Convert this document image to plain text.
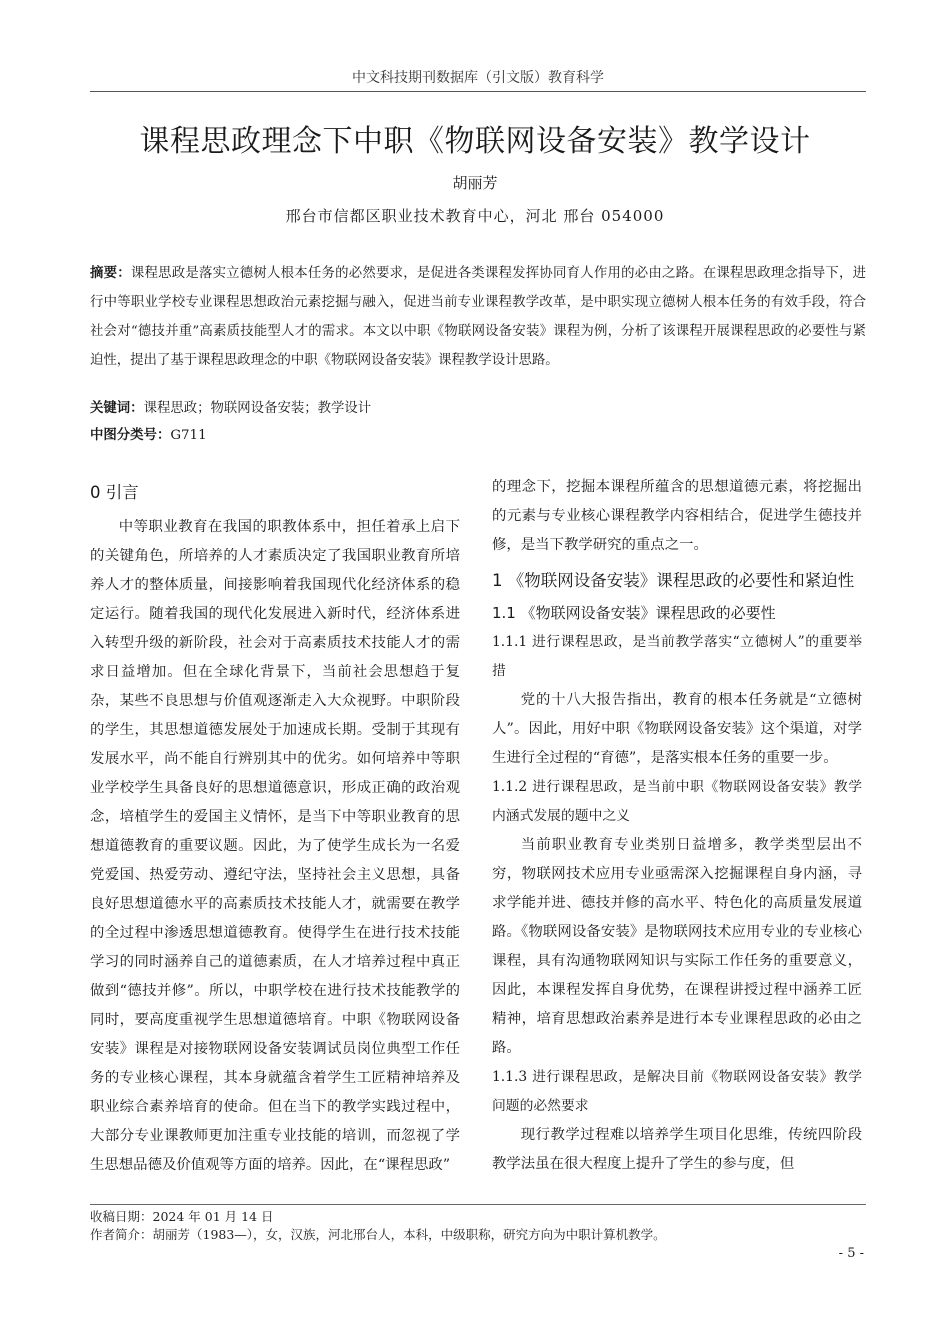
中文科技期刊数据库（引文版）教育科学
课程思政理念下中职《物联网设备安装》教学设计
胡丽芳
邢台市信都区职业技术教育中心，河北 邢台 054000
摘要：课程思政是落实立德树人根本任务的必然要求，是促进各类课程发挥协同育人作用的必由之路。在课程思政理念指导下，进行中等职业学校专业课程思想政治元素挖掘与融入，促进当前专业课程教学改革，是中职实现立德树人根本任务的有效手段，符合社会对“德技并重”高素质技能型人才的需求。本文以中职《物联网设备安装》课程为例，分析了该课程开展课程思政的必要性与紧迫性，提出了基于课程思政理念的中职《物联网设备安装》课程教学设计思路。
关键词：课程思政；物联网设备安装；教学设计
中图分类号：G711
0 引言

中等职业教育在我国的职教体系中，担任着承上启下的关键角色，所培养的人才素质决定了我国职业教育所培养人才的整体质量，间接影响着我国现代化经济体系的稳定运行。随着我国的现代化发展进入新时代，经济体系进入转型升级的新阶段，社会对于高素质技术技能人才的需求日益增加。但在全球化背景下，当前社会思想趋于复杂，某些不良思想与价值观逐渐走入大众视野。中职阶段的学生，其思想道德发展处于加速成长期。受制于其现有发展水平，尚不能自行辨别其中的优劣。如何培养中等职业学校学生具备良好的思想道德意识，形成正确的政治观念，培植学生的爱国主义情怀，是当下中等职业教育的思想道德教育的重要议题。因此，为了使学生成长为一名爱党爱国、热爱劳动、遵纪守法，坚持社会主义思想，具备良好思想道德水平的高素质技术技能人才，就需要在教学的全过程中渗透思想道德教育。使得学生在进行技术技能学习的同时涵养自己的道德素质，在人才培养过程中真正做到“德技并修”。所以，中职学校在进行技术技能教学的同时，要高度重视学生思想道德培育。中职《物联网设备安装》课程是对接物联网设备安装调试员岗位典型工作任务的专业核心课程，其本身就蕴含着学生工匠精神培养及职业综合素养培育的使命。但在当下的教学实践过程中，大部分专业课教师更加注重专业技能的培训，而忽视了学生思想品德及价值观等方面的培养。因此，在“课程思政”

的理念下，挖掘本课程所蕴含的思想道德元素，将挖掘出的元素与专业核心课程教学内容相结合，促进学生德技并修，是当下教学研究的重点之一。

1 《物联网设备安装》课程思政的必要性和紧迫性
1.1 《物联网设备安装》课程思政的必要性
1.1.1 进行课程思政，是当前教学落实“立德树人”的重要举措

党的十八大报告指出，教育的根本任务就是“立德树人”。因此，用好中职《物联网设备安装》这个渠道，对学生进行全过程的“育德”，是落实根本任务的重要一步。

1.1.2 进行课程思政，是当前中职《物联网设备安装》教学内涵式发展的题中之义

当前职业教育专业类别日益增多，教学类型层出不穷，物联网技术应用专业亟需深入挖掘课程自身内涵，寻求学能并进、德技并修的高水平、特色化的高质量发展道路。《物联网设备安装》是物联网技术应用专业的专业核心课程，具有沟通物联网知识与实际工作任务的重要意义，因此，本课程发挥自身优势，在课程讲授过程中涵养工匠精神，培育思想政治素养是进行本专业课程思政的必由之路。

1.1.3 进行课程思政，是解决目前《物联网设备安装》教学问题的必然要求

现行教学过程难以培养学生项目化思维，传统四阶段教学法虽在很大程度上提升了学生的参与度，但

收稿日期：2024 年 01 月 14 日
作者简介：胡丽芳（1983—），女，汉族，河北邢台人，本科，中级职称，研究方向为中职计算机教学。
- 5 -
